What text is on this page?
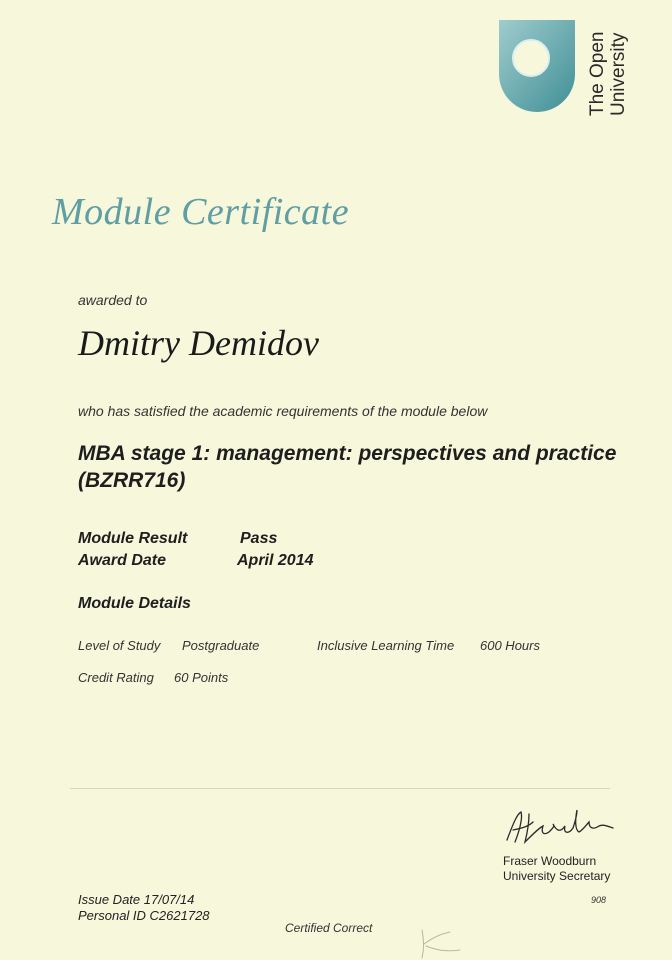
The Open University
Module Certificate
awarded to
Dmitry Demidov
who has satisfied the academic requirements of the module below
MBA stage 1: management: perspectives and practice (BZRR716)
Module Result	Pass
Award Date	April 2014
Module Details
Level of Study Postgraduate	Inclusive Learning Time 600 Hours
Credit Rating 60 Points
Fraser Woodburn
University Secretary
908
Issue Date 17/07/14
Personal ID C2621728
Certified Correct
